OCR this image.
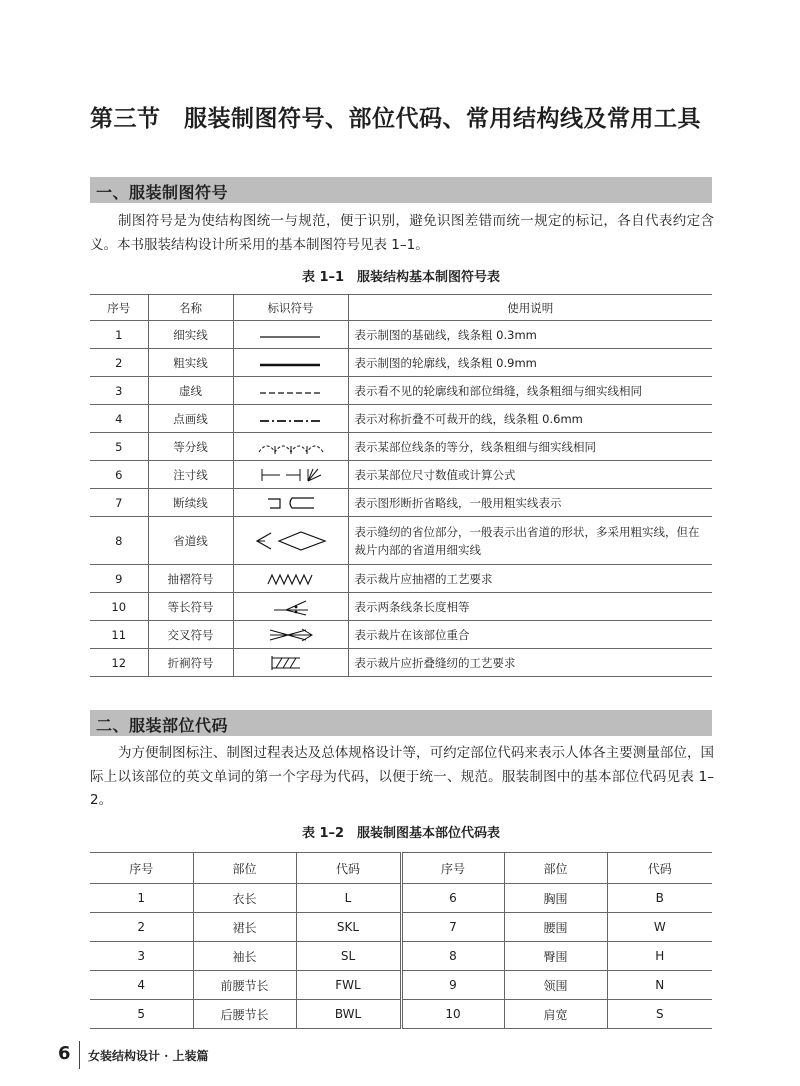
第三节　服装制图符号、部位代码、常用结构线及常用工具
一、服装制图符号

制图符号是为使结构图统一与规范，便于识别，避免识图差错而统一规定的标记，各自代表约定含义。本书服装结构设计所采用的基本制图符号见表 1–1。

表 1–1　服装结构基本制图符号表
序号	名称	标识符号	使用说明
1	细实线		表示制图的基础线，线条粗 0.3mm
2	粗实线		表示制图的轮廓线，线条粗 0.9mm
3	虚线		表示看不见的轮廓线和部位缉缝，线条粗细与细实线相同
4	点画线		表示对称折叠不可裁开的线，线条粗 0.6mm
5	等分线		表示某部位线条的等分，线条粗细与细实线相同
6	注寸线		表示某部位尺寸数值或计算公式
7	断续线		表示图形断折省略线，一般用粗实线表示
8	省道线		表示缝纫的省位部分，一般表示出省道的形状，多采用粗实线，但在裁片内部的省道用细实线
9	抽褶符号		表示裁片应抽褶的工艺要求
10	等长符号		表示两条线条长度相等
11	交叉符号		表示裁片在该部位重合
12	折裥符号		表示裁片应折叠缝纫的工艺要求
二、服装部位代码

为方便制图标注、制图过程表达及总体规格设计等，可约定部位代码来表示人体各主要测量部位，国际上以该部位的英文单词的第一个字母为代码，以便于统一、规范。服装制图中的基本部位代码见表 1–2。

表 1–2　服装制图基本部位代码表
序号	部位	代码	序号	部位	代码
1	衣长	L	6	胸围	B
2	裙长	SKL	7	腰围	W
3	袖长	SL	8	臀围	H
4	前腰节长	FWL	9	领围	N
5	后腰节长	BWL	10	肩宽	S
6 女装结构设计 · 上装篇
